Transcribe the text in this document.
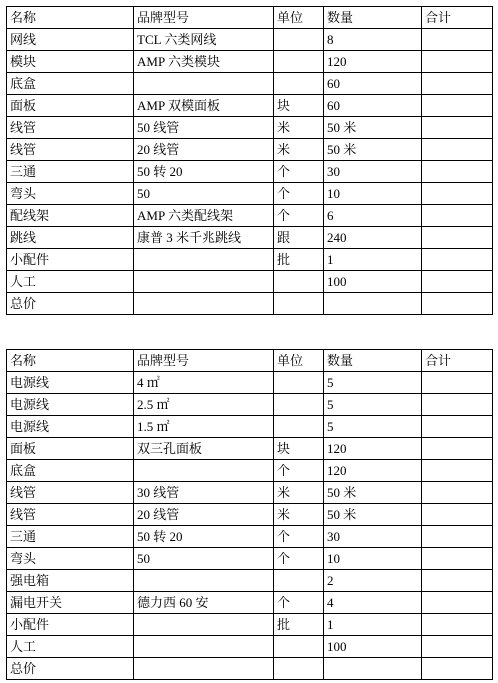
名称	品牌型号	单位	数量	合计
网线	TCL 六类网线		8	
模块	AMP 六类模块		120	
底盒			60	
面板	AMP 双模面板	块	60	
线管	50 线管	米	50 米	
线管	20 线管	米	50 米	
三通	50 转 20	个	30	
弯头	50	个	10	
配线架	AMP 六类配线架	个	6	
跳线	康普 3 米千兆跳线	跟	240	
小配件		批	1	
人工			100	
总价				
名称	品牌型号	单位	数量	合计
电源线	4 ㎡		5	
电源线	2.5 ㎡		5	
电源线	1.5 ㎡		5	
面板	双三孔面板	块	120	
底盒		个	120	
线管	30 线管	米	50 米	
线管	20 线管	米	50 米	
三通	50 转 20	个	30	
弯头	50	个	10	
强电箱			2	
漏电开关	德力西 60 安	个	4	
小配件		批	1	
人工			100	
总价				
